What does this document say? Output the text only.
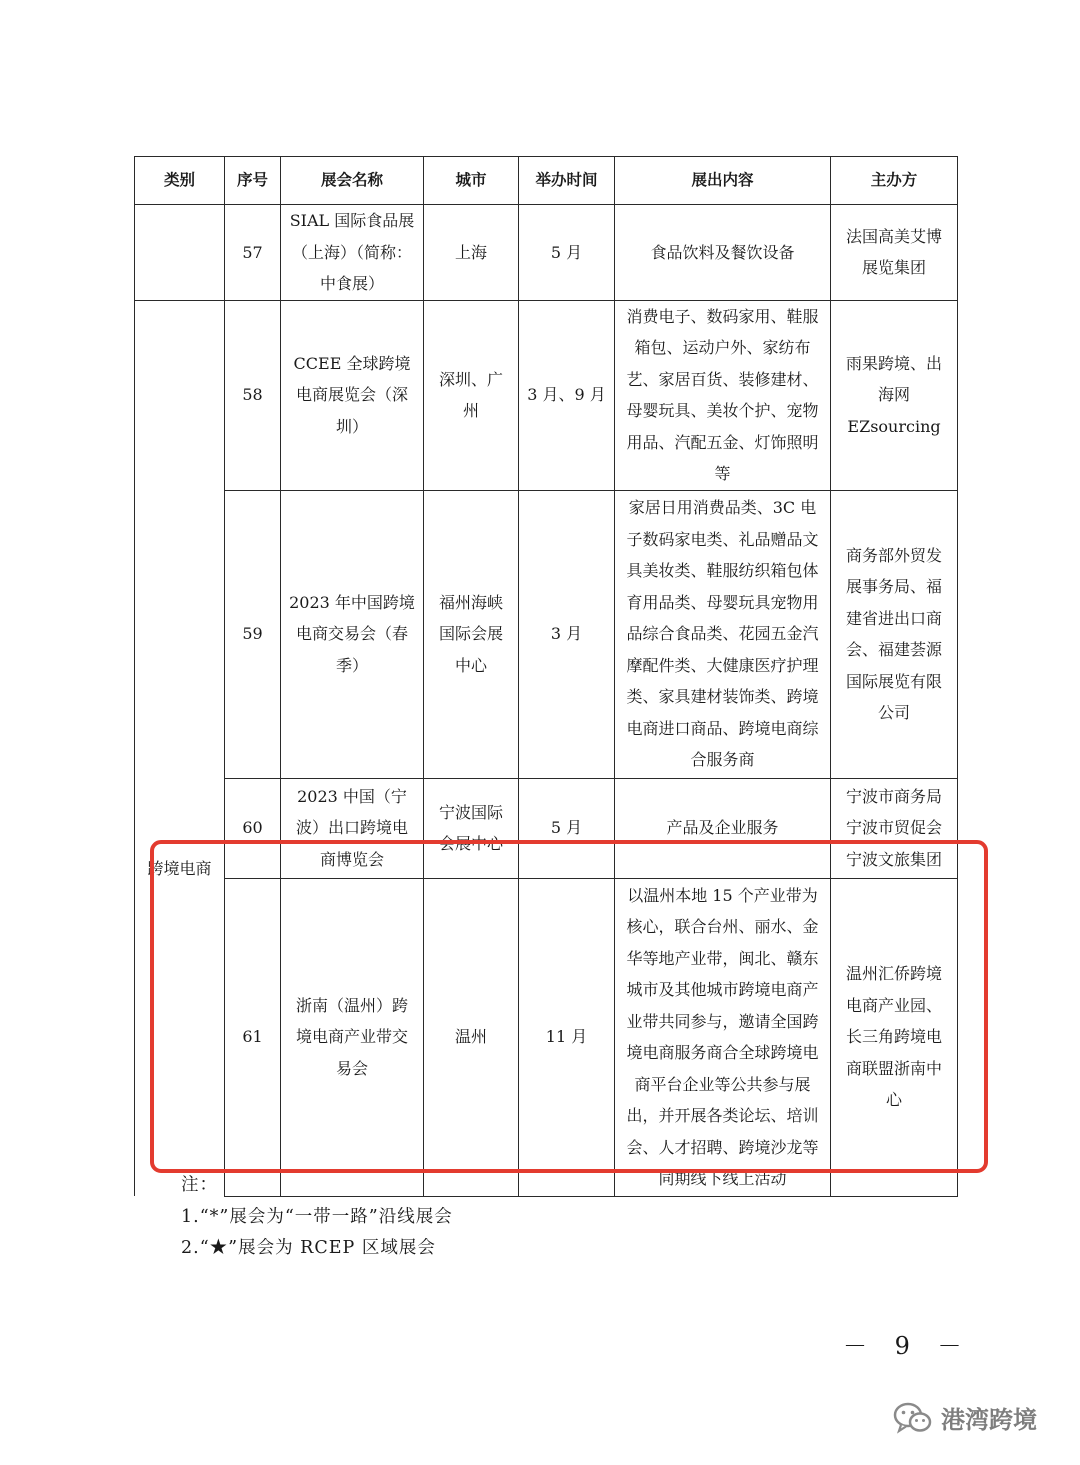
类别	序号	展会名称	城市	举办时间	展出内容	主办方
	57	SIAL 国际食品展（上海）（简称：中食展）	上海	5 月	食品饮料及餐饮设备	法国高美艾博展览集团

跨境电商	58	CCEE 全球跨境电商展览会（深圳）	深圳、广州	3 月、9 月	消费电子、数码家用、鞋服箱包、运动户外、家纺布艺、家居百货、装修建材、母婴玩具、美妆个护、宠物用品、汽配五金、灯饰照明等	雨果跨境、出海网 EZsourcing
	59	2023 年中国跨境电商交易会（春季）	福州海峡国际会展中心	3 月	家居日用消费品类、3C 电子数码家电类、礼品赠品文具美妆类、鞋服纺织箱包体育用品类、母婴玩具宠物用品综合食品类、花园五金汽摩配件类、大健康医疗护理类、家具建材装饰类、跨境电商进口商品、跨境电商综合服务商	商务部外贸发展事务局、福建省进出口商会、福建荟源国际展览有限公司
	60	2023 中国（宁波）出口跨境电商博览会	宁波国际会展中心	5 月	产品及企业服务	宁波市商务局 宁波市贸促会 宁波文旅集团
	61	浙南（温州）跨境电商产业带交易会	温州	11 月	以温州本地 15 个产业带为核心，联合台州、丽水、金华等地产业带，闽北、赣东城市及其他城市跨境电商产业带共同参与，邀请全国跨境电商服务商合全球跨境电商平台企业等公共参与展出，并开展各类论坛、培训会、人才招聘、跨境沙龙等同期线下线上活动	温州汇侨跨境电商产业园、长三角跨境电商联盟浙南中心
注：
1.“*”展会为“一带一路”沿线展会
2.“★”展会为 RCEP 区域展会
－ 9 －
港湾跨境
